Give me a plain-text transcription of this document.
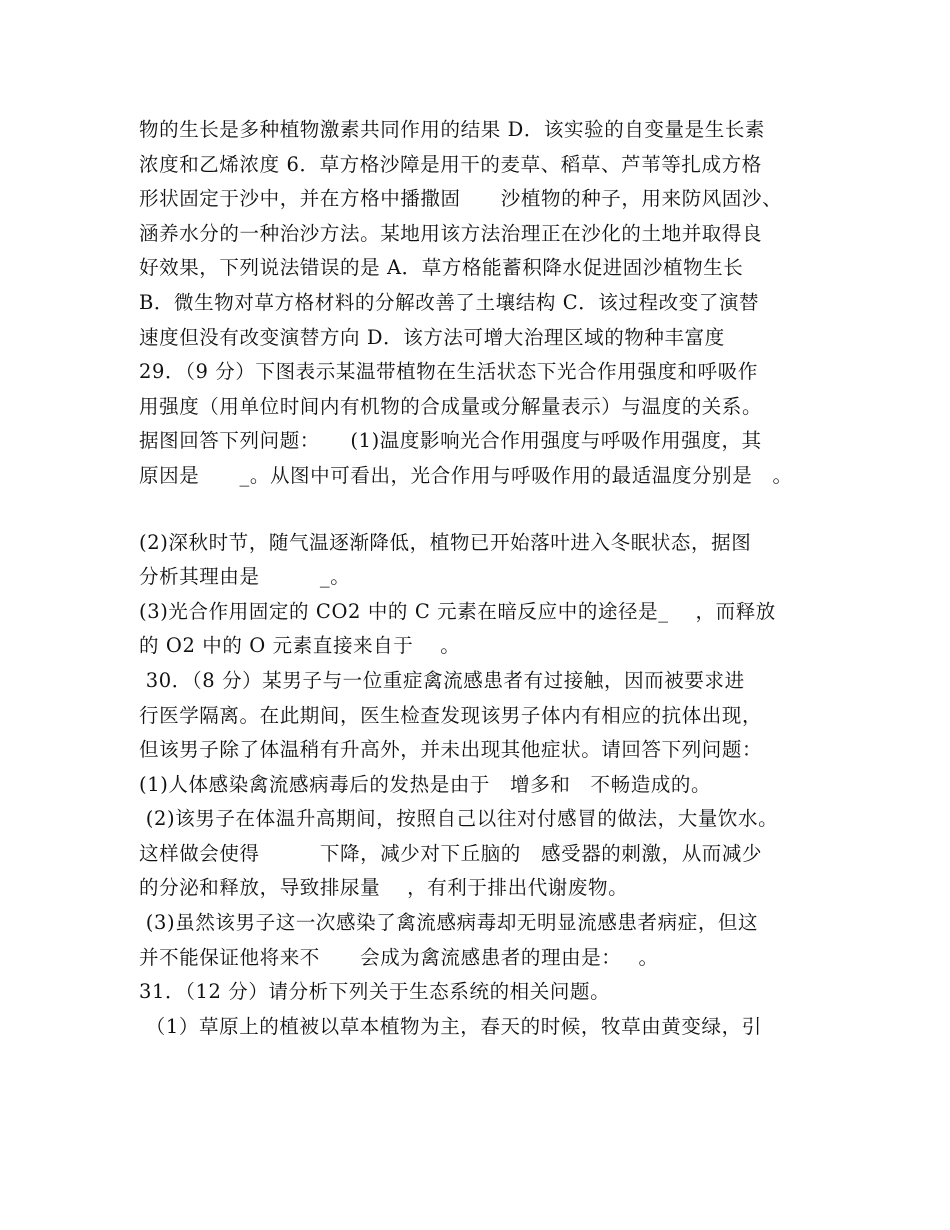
物的生长是多种植物激素共同作用的结果 D．该实验的自变量是生长素
浓度和乙烯浓度 6．草方格沙障是用干的麦草、稻草、芦苇等扎成方格
形状固定于沙中，并在方格中播撒固　　沙植物的种子，用来防风固沙、
涵养水分的一种治沙方法。某地用该方法治理正在沙化的土地并取得良
好效果，下列说法错误的是 A．草方格能蓄积降水促进固沙植物生长
B．微生物对草方格材料的分解改善了土壤结构 C．该过程改变了演替
速度但没有改变演替方向 D．该方法可增大治理区域的物种丰富度
29．（9 分）下图表示某温带植物在生活状态下光合作用强度和呼吸作
用强度（用单位时间内有机物的合成量或分解量表示）与温度的关系。
据图回答下列问题：　　(1)温度影响光合作用强度与呼吸作用强度，其
原因是　　_。从图中可看出，光合作用与呼吸作用的最适温度分别是　。
(2)深秋时节，随气温逐渐降低，植物已开始落叶进入冬眠状态，据图
分析其理由是　　　_。
(3)光合作用固定的 CO2 中的 C 元素在暗反应中的途径是_　 ，而释放
的 O2 中的 O 元素直接来自于　 。
30．（8 分）某男子与一位重症禽流感患者有过接触，因而被要求进
行医学隔离。在此期间，医生检查发现该男子体内有相应的抗体出现，
但该男子除了体温稍有升高外，并未出现其他症状。请回答下列问题：
(1)人体感染禽流感病毒后的发热是由于　增多和　不畅造成的。
(2)该男子在体温升高期间，按照自己以往对付感冒的做法，大量饮水。
这样做会使得　　　下降，减少对下丘脑的　感受器的刺激，从而减少
的分泌和释放，导致排尿量　 ，有利于排出代谢废物。
(3)虽然该男子这一次感染了禽流感病毒却无明显流感患者病症，但这
并不能保证他将来不　　会成为禽流感患者的理由是：　 。
31．（12 分）请分析下列关于生态系统的相关问题。
（1）草原上的植被以草本植物为主，春天的时候，牧草由黄变绿，引
